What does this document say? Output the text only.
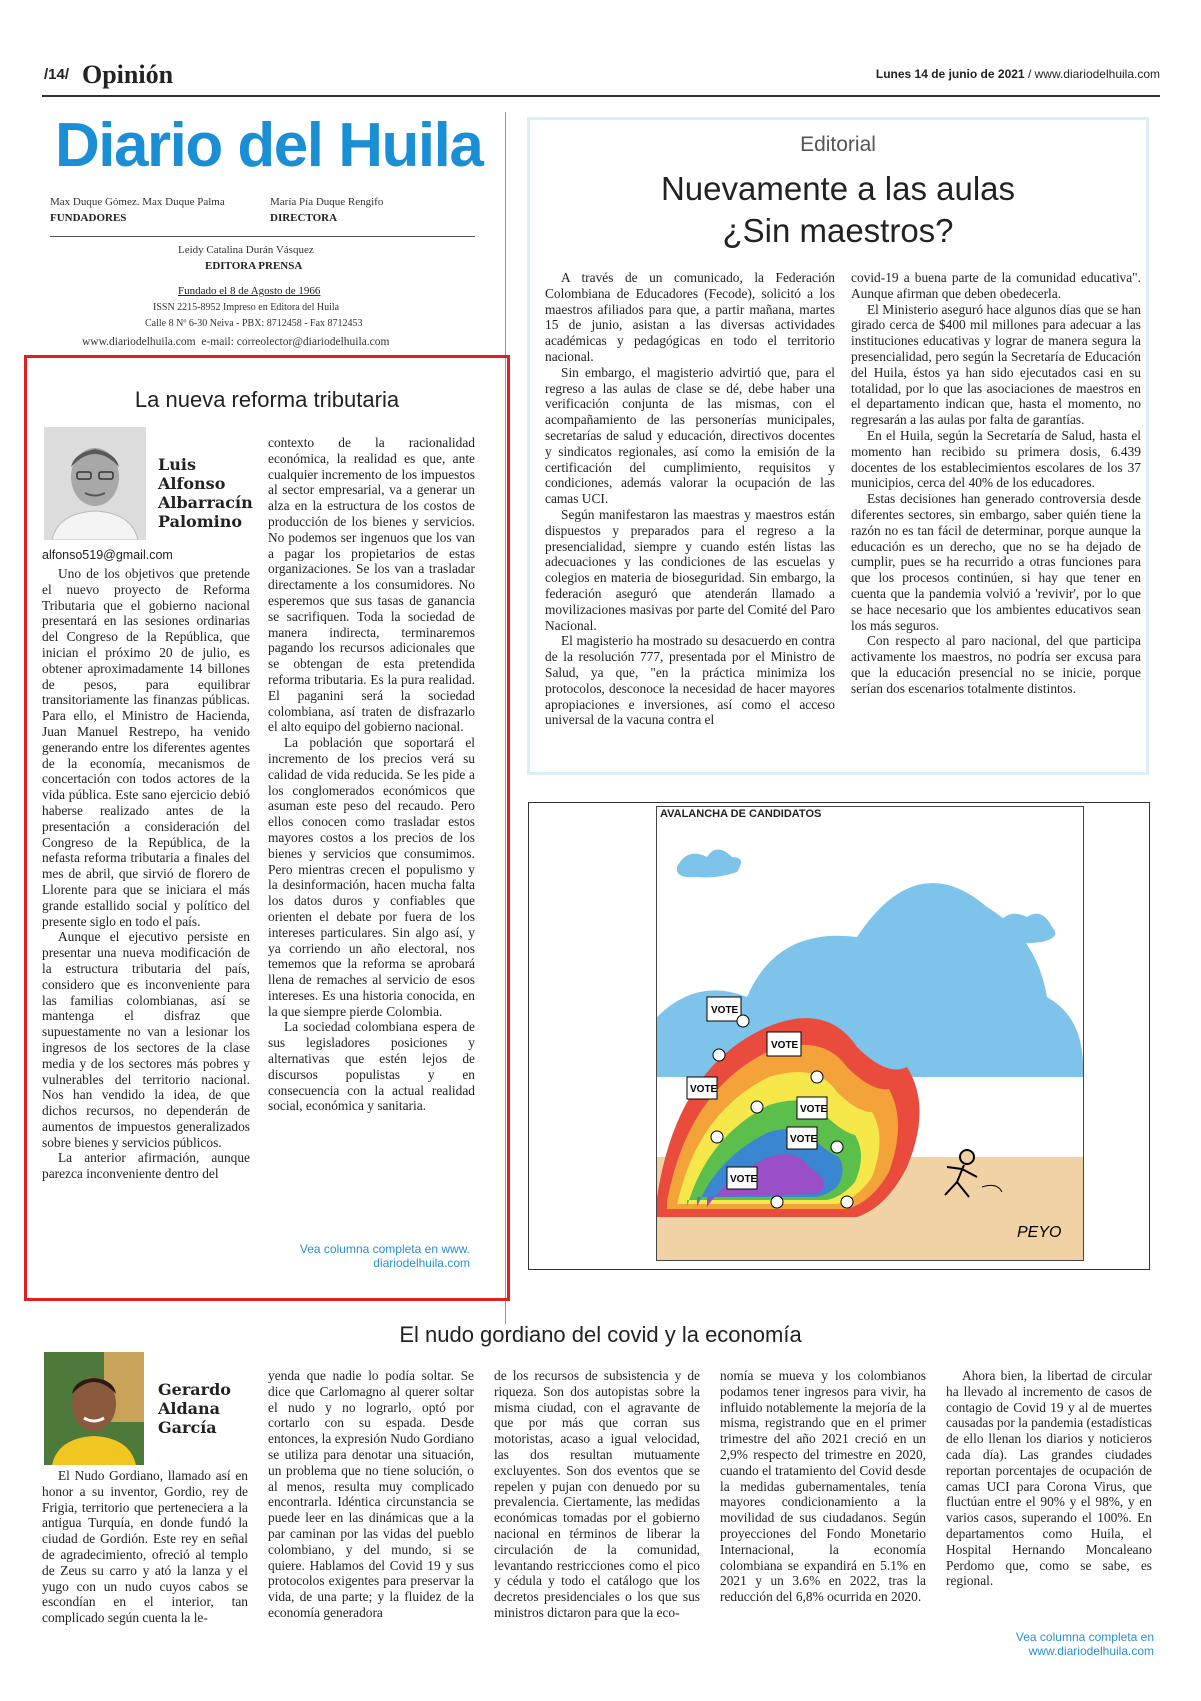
/14/ Opinión	Lunes 14 de junio de 2021 / www.diariodelhuila.com
Diario del Huila
Max Duque Gómez. Max Duque Palma
FUNDADORES
María Pía Duque Rengifo
DIRECTORA
Leidy Catalina Durán Vásquez
EDITORA PRENSA
Fundado el 8 de Agosto de 1966
ISSN 2215-8952 Impreso en Editora del Huila
Calle 8 Nº 6-30 Neiva - PBX: 8712458 - Fax 8712453
www.diariodelhuila.com e-mail: correolector@diariodelhuila.com
Editorial
Nuevamente a las aulas
¿Sin maestros?

A través de un comunicado, la Federación Colombiana de Educadores (Fecode), solicitó a los maestros afiliados para que, a partir mañana, martes 15 de junio, asistan a las diversas actividades académicas y pedagógicas en todo el territorio nacional.

Sin embargo, el magisterio advirtió que, para el regreso a las aulas de clase se dé, debe haber una verificación conjunta de las mismas, con el acompañamiento de las personerías municipales, secretarías de salud y educación, directivos docentes y sindicatos regionales, así como la emisión de la certificación del cumplimiento, requisitos y condiciones, además valorar la ocupación de las camas UCI.

Según manifestaron las maestras y maestros están dispuestos y preparados para el regreso a la presencialidad, siempre y cuando estén listas las adecuaciones y las condiciones de las escuelas y colegios en materia de bioseguridad. Sin embargo, la federación aseguró que atenderán llamado a movilizaciones masivas por parte del Comité del Paro Nacional.

El magisterio ha mostrado su desacuerdo en contra de la resolución 777, presentada por el Ministro de Salud, ya que, "en la práctica minimiza los protocolos, desconoce la necesidad de hacer mayores apropiaciones e inversiones, así como el acceso universal de la vacuna contra el

covid-19 a buena parte de la comunidad educativa". Aunque afirman que deben obedecerla.

El Ministerio aseguró hace algunos días que se han girado cerca de $400 mil millones para adecuar a las instituciones educativas y lograr de manera segura la presencialidad, pero según la Secretaría de Educación del Huila, éstos ya han sido ejecutados casi en su totalidad, por lo que las asociaciones de maestros en el departamento indican que, hasta el momento, no regresarán a las aulas por falta de garantías.

En el Huila, según la Secretaría de Salud, hasta el momento han recibido su primera dosis, 6.439 docentes de los establecimientos escolares de los 37 municipios, cerca del 40% de los educadores.

Estas decisiones han generado controversia desde diferentes sectores, sin embargo, saber quién tiene la razón no es tan fácil de determinar, porque aunque la educación es un derecho, que no se ha dejado de cumplir, pues se ha recurrido a otras funciones para que los procesos continúen, si hay que tener en cuenta que la pandemia volvió a 'revivir', por lo que se hace necesario que los ambientes educativos sean los más seguros.

Con respecto al paro nacional, del que participa activamente los maestros, no podría ser excusa para que la educación presencial no se inicie, porque serían dos escenarios totalmente distintos.

La nueva reforma tributaria
Luis
Alfonso
Albarracín
Palomino
alfonso519@gmail.com

Uno de los objetivos que pretende el nuevo proyecto de Reforma Tributaria que el gobierno nacional presentará en las sesiones ordinarias del Congreso de la República, que inician el próximo 20 de julio, es obtener aproximadamente 14 billones de pesos, para equilibrar transitoriamente las finanzas públicas. Para ello, el Ministro de Hacienda, Juan Manuel Restrepo, ha venido generando entre los diferentes agentes de la economía, mecanismos de concertación con todos actores de la vida pública. Este sano ejercicio debió haberse realizado antes de la presentación a consideración del Congreso de la República, de la nefasta reforma tributaria a finales del mes de abril, que sirvió de florero de Llorente para que se iniciara el más grande estallido social y político del presente siglo en todo el país.

Aunque el ejecutivo persiste en presentar una nueva modificación de la estructura tributaria del país, considero que es inconveniente para las familias colombianas, así se mantenga el disfraz que supuestamente no van a lesionar los ingresos de los sectores de la clase media y de los sectores más pobres y vulnerables del territorio nacional. Nos han vendido la idea, de que dichos recursos, no dependerán de aumentos de impuestos generalizados sobre bienes y servicios públicos.

La anterior afirmación, aunque parezca inconveniente dentro del

contexto de la racionalidad económica, la realidad es que, ante cualquier incremento de los impuestos al sector empresarial, va a generar un alza en la estructura de los costos de producción de los bienes y servicios. No podemos ser ingenuos que los van a pagar los propietarios de estas organizaciones. Se los van a trasladar directamente a los consumidores. No esperemos que sus tasas de ganancia se sacrifiquen. Toda la sociedad de manera indirecta, terminaremos pagando los recursos adicionales que se obtengan de esta pretendida reforma tributaria. Es la pura realidad. El paganini será la sociedad colombiana, así traten de disfrazarlo el alto equipo del gobierno nacional.

La población que soportará el incremento de los precios verá su calidad de vida reducida. Se les pide a los conglomerados económicos que asuman este peso del recaudo. Pero ellos conocen como trasladar estos mayores costos a los precios de los bienes y servicios que consumimos. Pero mientras crecen el populismo y la desinformación, hacen mucha falta los datos duros y confiables que orienten el debate por fuera de los intereses particulares. Sin algo así, y ya corriendo un año electoral, nos tememos que la reforma se aprobará llena de remaches al servicio de esos intereses. Es una historia conocida, en la que siempre pierde Colombia.

La sociedad colombiana espera de sus legisladores posiciones y alternativas que estén lejos de discursos populistas y en consecuencia con la actual realidad social, económica y sanitaria.

Vea columna completa en www.
diariodelhuila.com
VOTE
VOTE
VOTE
VOTE
VOTE
VOTE
PEYO
AVALANCHA DE CANDIDATOS
El nudo gordiano del covid y la economía
Gerardo
Aldana
García

El Nudo Gordiano, llamado así en honor a su inventor, Gordio, rey de Frigia, territorio que perteneciera a la antigua Turquía, en donde fundó la ciudad de Gordión. Este rey en señal de agradecimiento, ofreció al templo de Zeus su carro y ató la lanza y el yugo con un nudo cuyos cabos se escondían en el interior, tan complicado según cuenta la le-

yenda que nadie lo podía soltar. Se dice que Carlomagno al querer soltar el nudo y no lograrlo, optó por cortarlo con su espada. Desde entonces, la expresión Nudo Gordiano se utiliza para denotar una situación, un problema que no tiene solución, o al menos, resulta muy complicado encontrarla. Idéntica circunstancia se puede leer en las dinámicas que a la par caminan por las vidas del pueblo colombiano, y del mundo, si se quiere. Hablamos del Covid 19 y sus protocolos exigentes para preservar la vida, de una parte; y la fluidez de la economía generadora

de los recursos de subsistencia y de riqueza. Son dos autopistas sobre la misma ciudad, con el agravante de que por más que corran sus motoristas, acaso a igual velocidad, las dos resultan mutuamente excluyentes. Son dos eventos que se repelen y pujan con denuedo por su prevalencia. Ciertamente, las medidas económicas tomadas por el gobierno nacional en términos de liberar la circulación de la comunidad, levantando restricciones como el pico y cédula y todo el catálogo que los decretos presidenciales o los que sus ministros dictaron para que la eco-

nomía se mueva y los colombianos podamos tener ingresos para vivir, ha influido notablemente la mejoría de la misma, registrando que en el primer trimestre del año 2021 creció en un 2,9% respecto del trimestre en 2020, cuando el tratamiento del Covid desde la medidas gubernamentales, tenía mayores condicionamiento a la movilidad de sus ciudadanos. Según proyecciones del Fondo Monetario Internacional, la economía colombiana se expandirá en 5.1% en 2021 y un 3.6% en 2022, tras la reducción del 6,8% ocurrida en 2020.

Ahora bien, la libertad de circular ha llevado al incremento de casos de contagio de Covid 19 y al de muertes causadas por la pandemia (estadísticas de ello llenan los diarios y noticieros cada día). Las grandes ciudades reportan porcentajes de ocupación de camas UCI para Corona Virus, que fluctúan entre el 90% y el 98%, y en varios casos, superando el 100%. En departamentos como Huila, el Hospital Hernando Moncaleano Perdomo que, como se sabe, es regional.

Vea columna completa en
www.diariodelhuila.com
